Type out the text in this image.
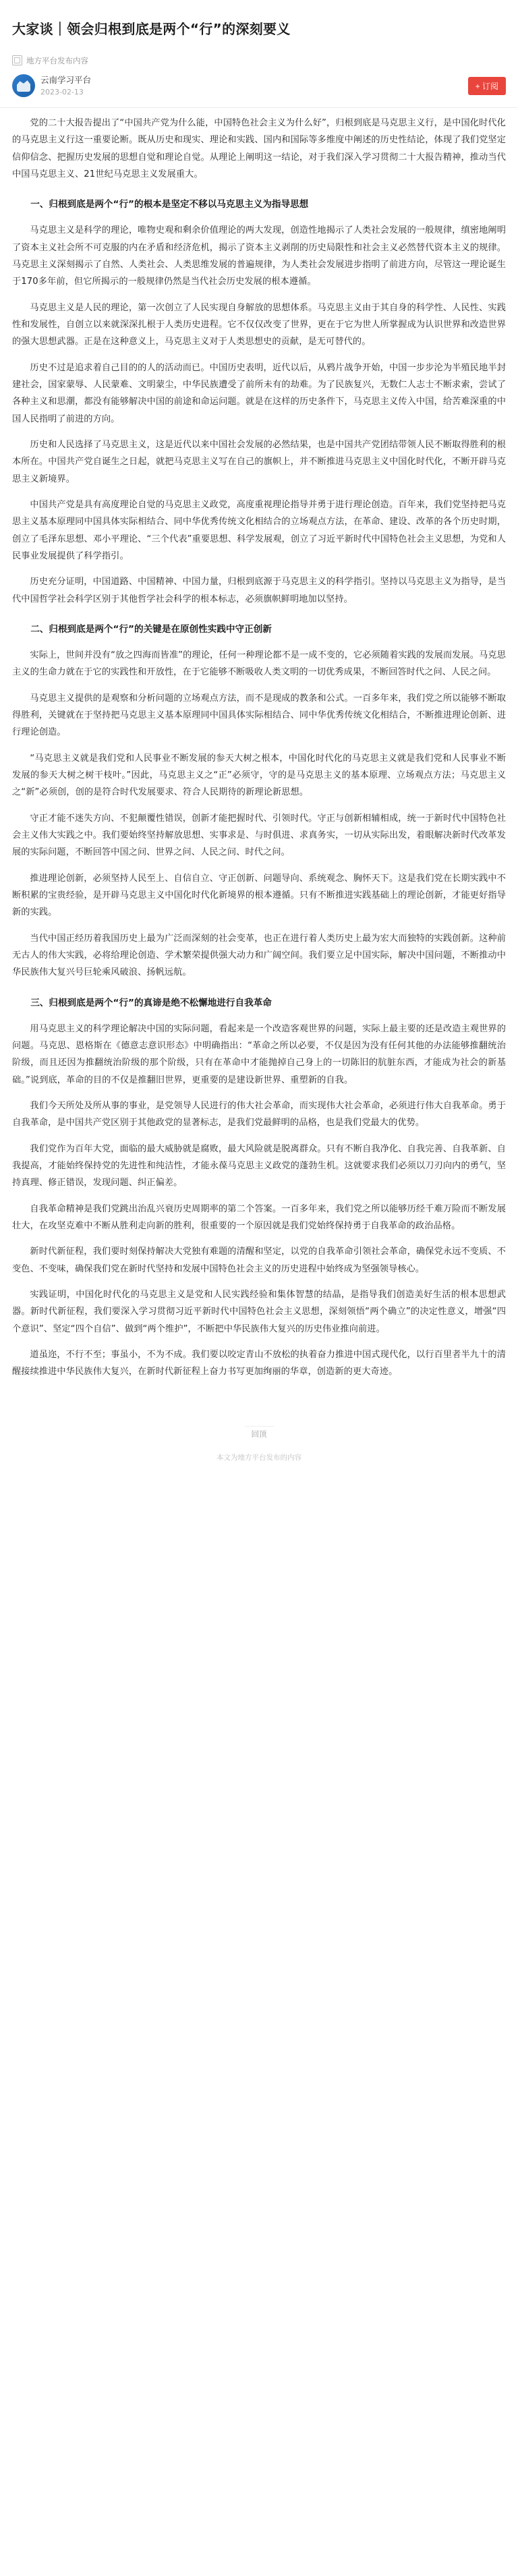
大家谈｜领会归根到底是两个“行”的深刻要义
地方平台发布内容
云南学习平台
2023-02-13
+ 订阅

党的二十大报告提出了“中国共产党为什么能，中国特色社会主义为什么好”，归根到底是马克思主义行，是中国化时代化的马克思主义行这一重要论断。既从历史和现实、理论和实践、国内和国际等多维度中阐述的历史性结论，体现了我们党坚定信仰信念、把握历史发展的思想自觉和理论自觉。从理论上阐明这一结论，对于我们深入学习贯彻二十大报告精神，推动当代中国马克思主义、21世纪马克思主义发展重大。

一、归根到底是两个“行”的根本是坚定不移以马克思主义为指导思想

马克思主义是科学的理论，唯物史观和剩余价值理论的两大发现，创造性地揭示了人类社会发展的一般规律，缜密地阐明了资本主义社会所不可克服的内在矛盾和经济危机，揭示了资本主义剥削的历史局限性和社会主义必然替代资本主义的规律。马克思主义深刻揭示了自然、人类社会、人类思维发展的普遍规律，为人类社会发展进步指明了前进方向，尽管这一理论诞生于170多年前，但它所揭示的一般规律仍然是当代社会历史发展的根本遵循。

马克思主义是人民的理论，第一次创立了人民实现自身解放的思想体系。马克思主义由于其自身的科学性、人民性、实践性和发展性，自创立以来就深深扎根于人类历史进程。它不仅仅改变了世界，更在于它为世人所掌握成为认识世界和改造世界的强大思想武器。正是在这种意义上，马克思主义对于人类思想史的贡献，是无可替代的。

历史不过是追求着自己目的的人的活动而已。中国历史表明，近代以后，从鸦片战争开始，中国一步步沦为半殖民地半封建社会，国家蒙辱、人民蒙难、文明蒙尘，中华民族遭受了前所未有的劫难。为了民族复兴，无数仁人志士不断求索，尝试了各种主义和思潮，都没有能够解决中国的前途和命运问题。就是在这样的历史条件下，马克思主义传入中国，给苦难深重的中国人民指明了前进的方向。

历史和人民选择了马克思主义，这是近代以来中国社会发展的必然结果，也是中国共产党团结带领人民不断取得胜利的根本所在。中国共产党自诞生之日起，就把马克思主义写在自己的旗帜上，并不断推进马克思主义中国化时代化，不断开辟马克思主义新境界。

中国共产党是具有高度理论自觉的马克思主义政党，高度重视理论指导并勇于进行理论创造。百年来，我们党坚持把马克思主义基本原理同中国具体实际相结合、同中华优秀传统文化相结合的立场观点方法，在革命、建设、改革的各个历史时期，创立了毛泽东思想、邓小平理论、“三个代表”重要思想、科学发展观，创立了习近平新时代中国特色社会主义思想，为党和人民事业发展提供了科学指引。

历史充分证明，中国道路、中国精神、中国力量，归根到底源于马克思主义的科学指引。坚持以马克思主义为指导，是当代中国哲学社会科学区别于其他哲学社会科学的根本标志，必须旗帜鲜明地加以坚持。

二、归根到底是两个“行”的关键是在原创性实践中守正创新

实际上，世间并没有“放之四海而皆准”的理论，任何一种理论都不是一成不变的，它必须随着实践的发展而发展。马克思主义的生命力就在于它的实践性和开放性，在于它能够不断吸收人类文明的一切优秀成果，不断回答时代之问、人民之问。

马克思主义提供的是观察和分析问题的立场观点方法，而不是现成的教条和公式。一百多年来，我们党之所以能够不断取得胜利，关键就在于坚持把马克思主义基本原理同中国具体实际相结合、同中华优秀传统文化相结合，不断推进理论创新、进行理论创造。

“马克思主义就是我们党和人民事业不断发展的参天大树之根本，中国化时代化的马克思主义就是我们党和人民事业不断发展的参天大树之树干枝叶。”因此，马克思主义之“正”必须守，守的是马克思主义的基本原理、立场观点方法；马克思主义之“新”必须创，创的是符合时代发展要求、符合人民期待的新理论新思想。

守正才能不迷失方向、不犯颠覆性错误，创新才能把握时代、引领时代。守正与创新相辅相成，统一于新时代中国特色社会主义伟大实践之中。我们要始终坚持解放思想、实事求是、与时俱进、求真务实，一切从实际出发，着眼解决新时代改革发展的实际问题，不断回答中国之问、世界之问、人民之问、时代之问。

推进理论创新，必须坚持人民至上、自信自立、守正创新、问题导向、系统观念、胸怀天下。这是我们党在长期实践中不断积累的宝贵经验，是开辟马克思主义中国化时代化新境界的根本遵循。只有不断推进实践基础上的理论创新，才能更好指导新的实践。

当代中国正经历着我国历史上最为广泛而深刻的社会变革，也正在进行着人类历史上最为宏大而独特的实践创新。这种前无古人的伟大实践，必将给理论创造、学术繁荣提供强大动力和广阔空间。我们要立足中国实际，解决中国问题，不断推动中华民族伟大复兴号巨轮乘风破浪、扬帆远航。

三、归根到底是两个“行”的真谛是绝不松懈地进行自我革命

用马克思主义的科学理论解决中国的实际问题，看起来是一个改造客观世界的问题，实际上最主要的还是改造主观世界的问题。马克思、恩格斯在《德意志意识形态》中明确指出：“革命之所以必要，不仅是因为没有任何其他的办法能够推翻统治阶级，而且还因为推翻统治阶级的那个阶级，只有在革命中才能抛掉自己身上的一切陈旧的肮脏东西，才能成为社会的新基础。”说到底，革命的目的不仅是推翻旧世界，更重要的是建设新世界、重塑新的自我。

我们今天所处及所从事的事业，是党领导人民进行的伟大社会革命，而实现伟大社会革命，必须进行伟大自我革命。勇于自我革命，是中国共产党区别于其他政党的显著标志，是我们党最鲜明的品格，也是我们党最大的优势。

我们党作为百年大党，面临的最大威胁就是腐败，最大风险就是脱离群众。只有不断自我净化、自我完善、自我革新、自我提高，才能始终保持党的先进性和纯洁性，才能永葆马克思主义政党的蓬勃生机。这就要求我们必须以刀刃向内的勇气，坚持真理、修正错误，发现问题、纠正偏差。

自我革命精神是我们党跳出治乱兴衰历史周期率的第二个答案。一百多年来，我们党之所以能够历经千难万险而不断发展壮大，在攻坚克难中不断从胜利走向新的胜利，很重要的一个原因就是我们党始终保持勇于自我革命的政治品格。

新时代新征程，我们要时刻保持解决大党独有难题的清醒和坚定，以党的自我革命引领社会革命，确保党永远不变质、不变色、不变味，确保我们党在新时代坚持和发展中国特色社会主义的历史进程中始终成为坚强领导核心。

实践证明，中国化时代化的马克思主义是党和人民实践经验和集体智慧的结晶，是指导我们创造美好生活的根本思想武器。新时代新征程，我们要深入学习贯彻习近平新时代中国特色社会主义思想，深刻领悟“两个确立”的决定性意义，增强“四个意识”、坚定“四个自信”、做到“两个维护”，不断把中华民族伟大复兴的历史伟业推向前进。

道虽迩，不行不至；事虽小，不为不成。我们要以咬定青山不放松的执着奋力推进中国式现代化，以行百里者半九十的清醒接续推进中华民族伟大复兴，在新时代新征程上奋力书写更加绚丽的华章，创造新的更大奇迹。

回顶
本文为地方平台发布的内容
